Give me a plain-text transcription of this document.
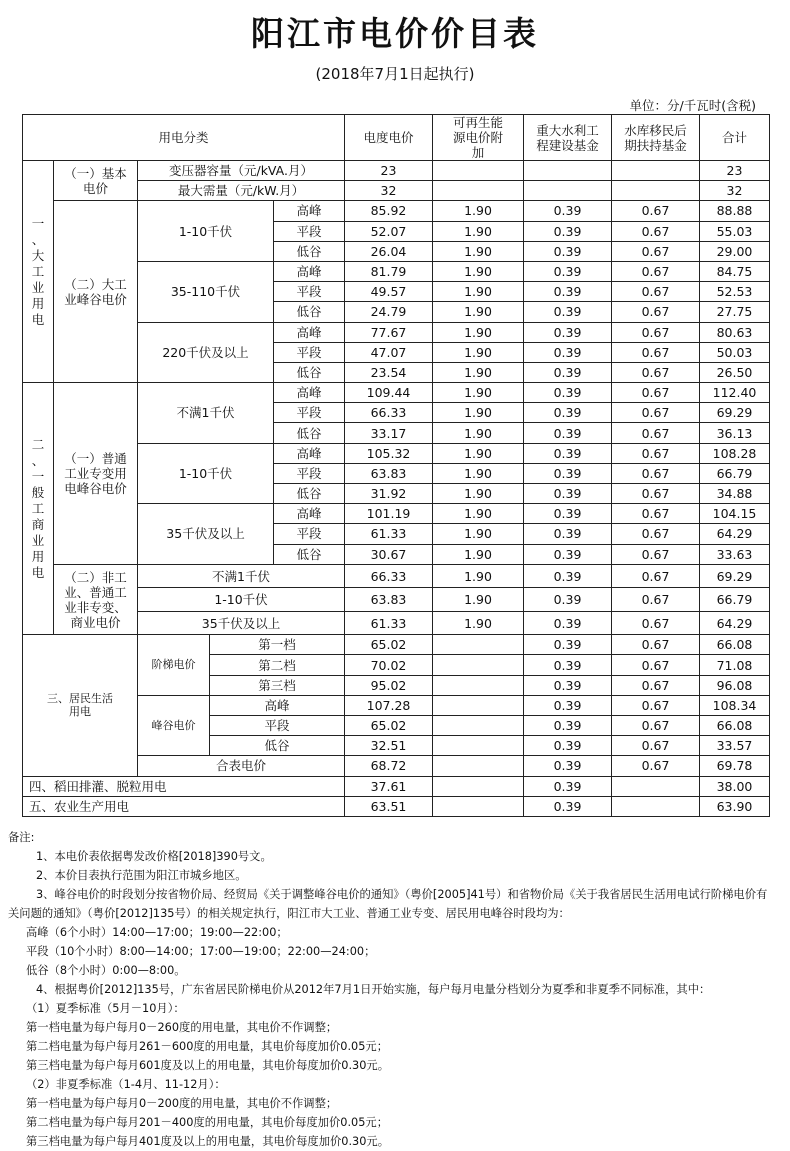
阳江市电价价目表
(2018年7月1日起执行)
单位：分/千瓦时(含税)
用电分类					电度电价	可再生能源电价附加	重大水利工程建设基金	水库移民后期扶持基金	合计
一、大工业用电	（一）基本电价	变压器容量（元/kVA.月）			23				23
		最大需量（元/kW.月）			32				32
	（二）大工业峰谷电价	1-10千伏		高峰	85.92	1.90	0.39	0.67	88.88
				平段	52.07	1.90	0.39	0.67	55.03
				低谷	26.04	1.90	0.39	0.67	29.00
		35-110千伏		高峰	81.79	1.90	0.39	0.67	84.75
				平段	49.57	1.90	0.39	0.67	52.53
				低谷	24.79	1.90	0.39	0.67	27.75
		220千伏及以上		高峰	77.67	1.90	0.39	0.67	80.63
				平段	47.07	1.90	0.39	0.67	50.03
				低谷	23.54	1.90	0.39	0.67	26.50
二、一般工商业用电	（一）普通工业专变用电峰谷电价	不满1千伏		高峰	109.44	1.90	0.39	0.67	112.40
				平段	66.33	1.90	0.39	0.67	69.29
				低谷	33.17	1.90	0.39	0.67	36.13
		1-10千伏		高峰	105.32	1.90	0.39	0.67	108.28
				平段	63.83	1.90	0.39	0.67	66.79
				低谷	31.92	1.90	0.39	0.67	34.88
		35千伏及以上		高峰	101.19	1.90	0.39	0.67	104.15
				平段	61.33	1.90	0.39	0.67	64.29
				低谷	30.67	1.90	0.39	0.67	33.63
	（二）非工业、普通工业非专变、商业电价	不满1千伏			66.33	1.90	0.39	0.67	69.29
		1-10千伏			63.83	1.90	0.39	0.67	66.79
		35千伏及以上			61.33	1.90	0.39	0.67	64.29
三、居民生活用电		阶梯电价	第一档		65.02		0.39	0.67	66.08
			第二档		70.02		0.39	0.67	71.08
			第三档		95.02		0.39	0.67	96.08
		峰谷电价	高峰		107.28		0.39	0.67	108.34
			平段		65.02		0.39	0.67	66.08
			低谷		32.51		0.39	0.67	33.57
		合表电价			68.72		0.39	0.67	69.78
四、稻田排灌、脱粒用电					37.61		0.39		38.00
五、农业生产用电					63.51		0.39		63.90
备注:
1、本电价表依据粤发改价格[2018]390号文。
2、本价目表执行范围为阳江市城乡地区。
3、峰谷电价的时段划分按省物价局、经贸局《关于调整峰谷电价的通知》（粤价[2005]41号）和省物价局《关于我省居民生活用电试行阶梯电价有关问题的通知》（粤价[2012]135号）的相关规定执行，阳江市大工业、普通工业专变、居民用电峰谷时段均为：
高峰（6个小时）14:00—17:00；19:00—22:00；
平段（10个小时）8:00—14:00；17:00—19:00；22:00—24:00；
低谷（8个小时）0:00—8:00。
4、根据粤价[2012]135号，广东省居民阶梯电价从2012年7月1日开始实施，每户每月电量分档划分为夏季和非夏季不同标准，其中：
（1）夏季标准（5月－10月）：
第一档电量为每户每月0－260度的用电量，其电价不作调整；
第二档电量为每户每月261－600度的用电量，其电价每度加价0.05元；
第三档电量为每户每月601度及以上的用电量，其电价每度加价0.30元。
（2）非夏季标准（1-4月、11-12月）：
第一档电量为每户每月0－200度的用电量，其电价不作调整；
第二档电量为每户每月201－400度的用电量，其电价每度加价0.05元；
第三档电量为每户每月401度及以上的用电量，其电价每度加价0.30元。
